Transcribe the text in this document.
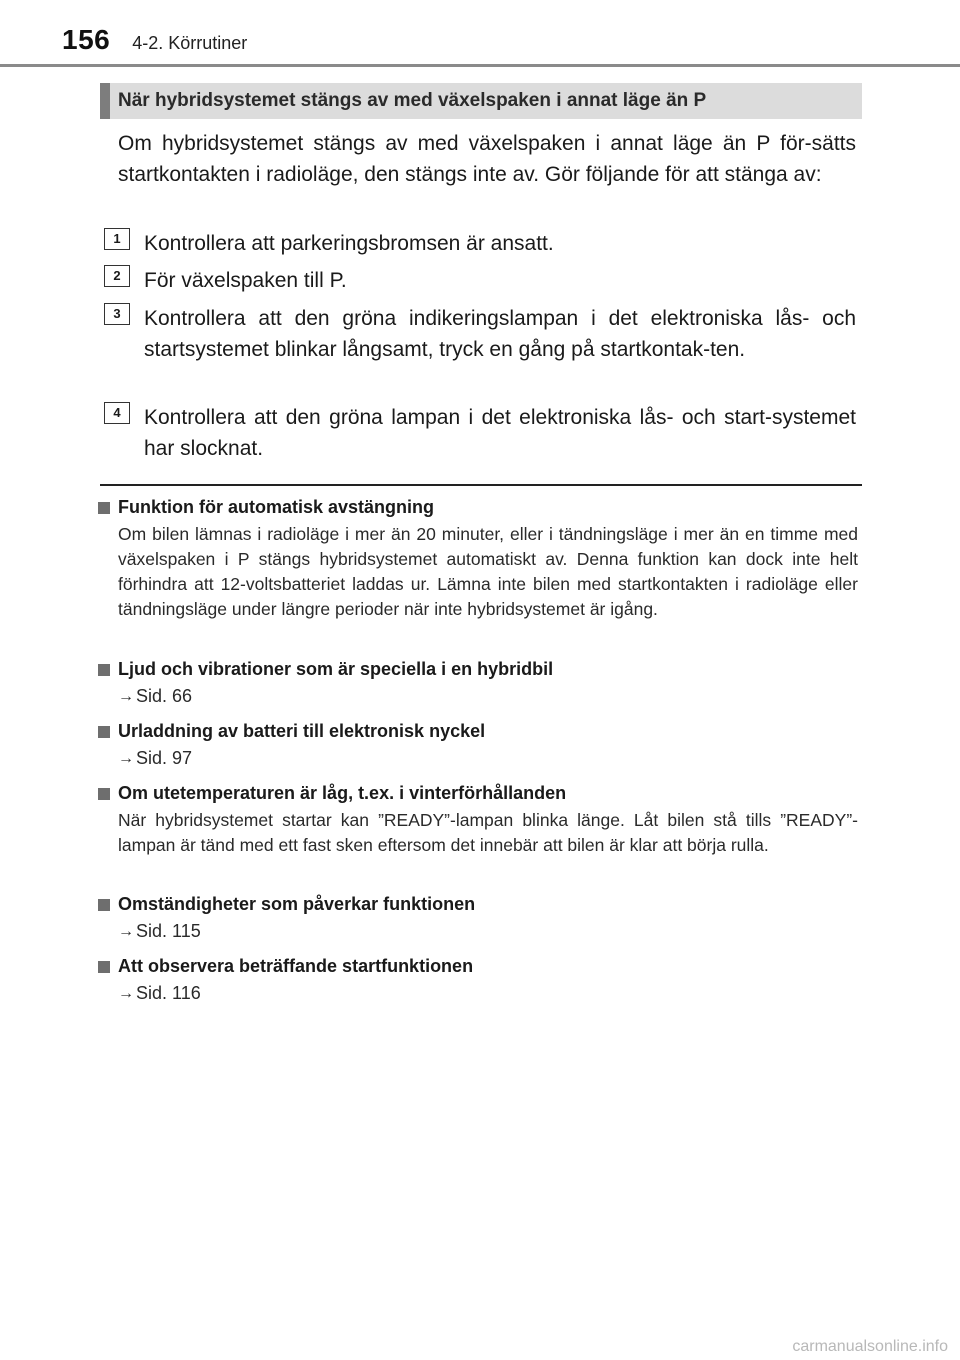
156 4-2. Körrutiner
När hybridsystemet stängs av med växelspaken i annat läge än P

Om hybridsystemet stängs av med växelspaken i annat läge än P för-sätts startkontakten i radioläge, den stängs inte av. Gör följande för att stänga av:

1	Kontrollera att parkeringsbromsen är ansatt.
2	För växelspaken till P.
3	Kontrollera att den gröna indikeringslampan i det elektroniska lås- och startsystemet blinkar långsamt, tryck en gång på startkontak-ten.
4	Kontrollera att den gröna lampan i det elektroniska lås- och start-systemet har slocknat.
Funktion för automatisk avstängning
Om bilen lämnas i radioläge i mer än 20 minuter, eller i tändningsläge i mer än en timme med växelspaken i P stängs hybridsystemet automatiskt av. Denna funktion kan dock inte helt förhindra att 12-voltsbatteriet laddas ur. Lämna inte bilen med startkontakten i radioläge eller tändningsläge under längre perioder när inte hybridsystemet är igång.
Ljud och vibrationer som är speciella i en hybridbil
→ Sid. 66
Urladdning av batteri till elektronisk nyckel
→ Sid. 97
Om utetemperaturen är låg, t.ex. i vinterförhållanden
När hybridsystemet startar kan ”READY”-lampan blinka länge. Låt bilen stå tills ”READY”-lampan är tänd med ett fast sken eftersom det innebär att bilen är klar att börja rulla.
Omständigheter som påverkar funktionen
→ Sid. 115
Att observera beträffande startfunktionen
→ Sid. 116
carmanualsonline.info
